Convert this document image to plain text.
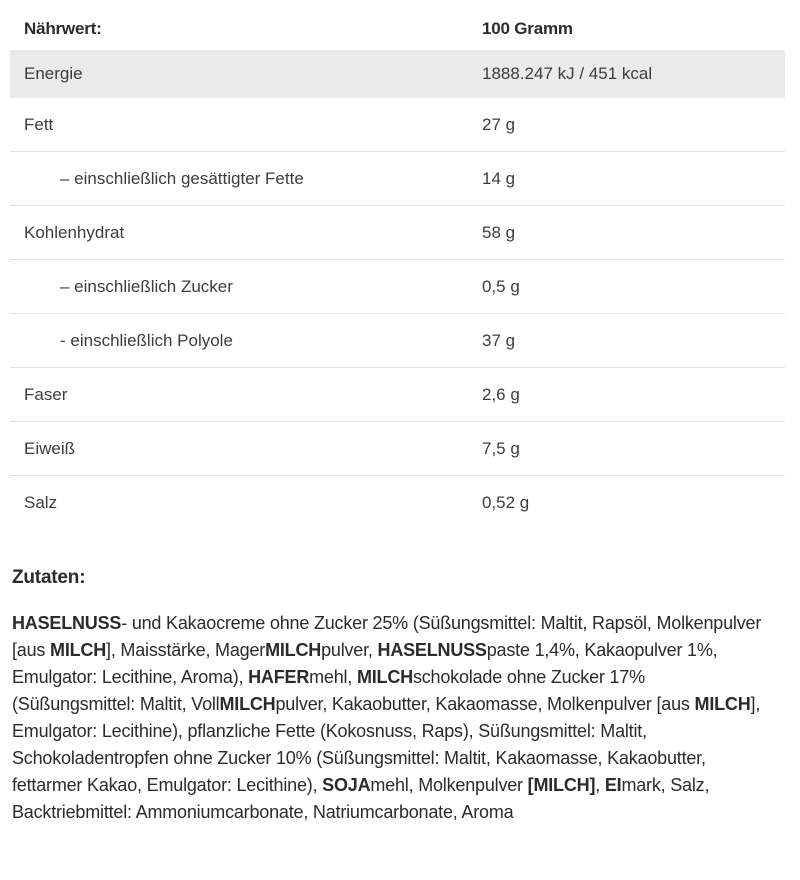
Nährwert:	100 Gramm
Energie	1888.247 kJ / 451 kcal
Fett	27 g
– einschließlich gesättigter Fette	14 g
Kohlenhydrat	58 g
– einschließlich Zucker	0,5 g
- einschließlich Polyole	37 g
Faser	2,6 g
Eiweiß	7,5 g
Salz	0,52 g
Zutaten:
HASELNUSS- und Kakaocreme ohne Zucker 25% (Süßungsmittel: Maltit, Rapsöl, Molkenpulver [aus MILCH], Maisstärke, MagerMILCHpulver, HASELNUSSpaste 1,4%, Kakaopulver 1%, Emulgator: Lecithine, Aroma), HAFERmehl, MILCHschokolade ohne Zucker 17% (Süßungsmittel: Maltit, VollMILCHpulver, Kakaobutter, Kakaomasse, Molkenpulver [aus MILCH], Emulgator: Lecithine), pflanzliche Fette (Kokosnuss, Raps), Süßungsmittel: Maltit, Schokoladentropfen ohne Zucker 10% (Süßungsmittel: Maltit, Kakaomasse, Kakaobutter, fettarmer Kakao, Emulgator: Lecithine), SOJAmehl, Molkenpulver [MILCH], EImark, Salz, Backtriebmittel: Ammoniumcarbonate, Natriumcarbonate, Aroma
